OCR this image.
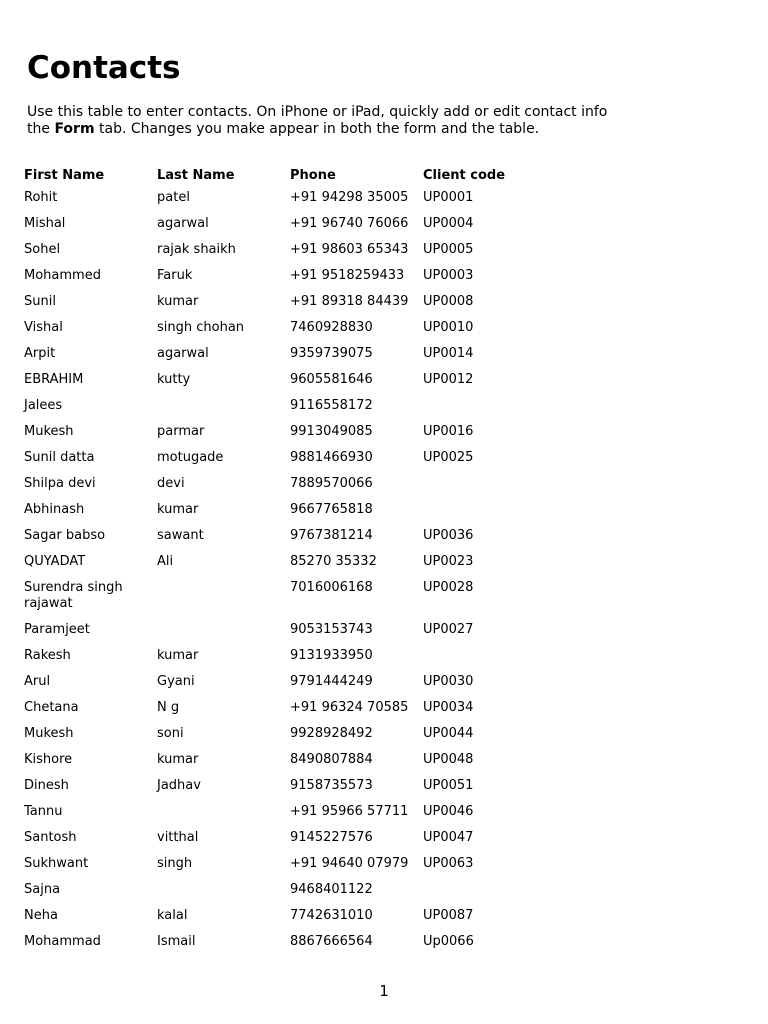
Contacts

Use this table to enter contacts. On iPhone or iPad, quickly add or edit contact info the Form tab. Changes you make appear in both the form and the table.

First Name	Last Name	Phone	Client code
Rohit	patel	+91 94298 35005	UP0001
Mishal	agarwal	+91 96740 76066	UP0004
Sohel	rajak shaikh	+91 98603 65343	UP0005
Mohammed	Faruk	+91 9518259433	UP0003
Sunil	kumar	+91 89318 84439	UP0008
Vishal	singh chohan	7460928830	UP0010
Arpit	agarwal	9359739075	UP0014
EBRAHIM	kutty	9605581646	UP0012
Jalees		9116558172	
Mukesh	parmar	9913049085	UP0016
Sunil datta	motugade	9881466930	UP0025
Shilpa devi	devi	7889570066	
Abhinash	kumar	9667765818	
Sagar babso	sawant	9767381214	UP0036
QUYADAT	Ali	85270 35332	UP0023
Surendra singh rajawat		7016006168	UP0028
Paramjeet		9053153743	UP0027
Rakesh	kumar	9131933950	
Arul	Gyani	9791444249	UP0030
Chetana	N g	+91 96324 70585	UP0034
Mukesh	soni	9928928492	UP0044
Kishore	kumar	8490807884	UP0048
Dinesh	Jadhav	9158735573	UP0051
Tannu		+91 95966 57711	UP0046
Santosh	vitthal	9145227576	UP0047
Sukhwant	singh	+91 94640 07979	UP0063
Sajna		9468401122	
Neha	kalal	7742631010	UP0087
Mohammad	Ismail	8867666564	Up0066
1
